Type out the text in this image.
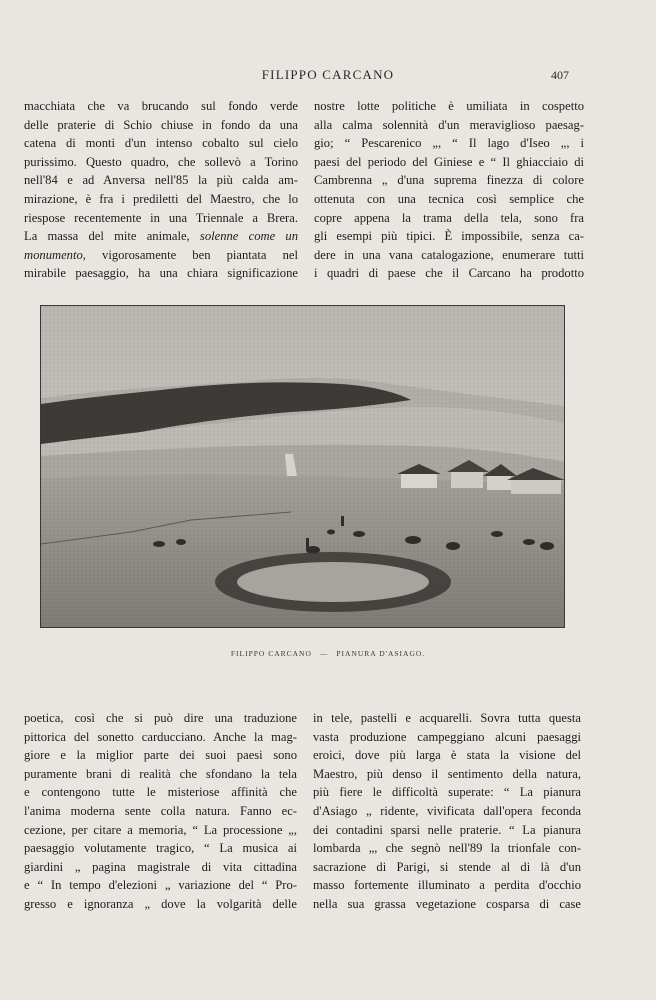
FILIPPO CARCANO	407
macchiata che va brucando sul fondo verde
delle praterie di Schio chiuse in fondo da una
catena di monti d'un intenso cobalto sul cielo
purissimo. Questo quadro, che sollevò a Torino
nell'84 e ad Anversa nell'85 la più calda am-
mirazione, è fra i prediletti del Maestro, che lo
riespose recentemente in una Triennale a Brera.
La massa del mite animale, solenne come un
monumento, vigorosamente ben piantata nel
mirabile paesaggio, ha una chiara significazione
nostre lotte politiche è umiliata in cospetto
alla calma solennità d'un meraviglioso paesag-
gio; “ Pescarenico „, “ Il lago d'Iseo „, i
paesi del periodo del Giniese e “ Il ghiacciaio di
Cambrenna „ d'una suprema finezza di colore
ottenuta con una tecnica così semplice che
copre appena la trama della tela, sono fra
gli esempi più tipici. È impossibile, senza ca-
dere in una vana catalogazione, enumerare tutti
i quadri di paese che il Carcano ha prodotto
FILIPPO CARCANO — PIANURA D'ASIAGO.
poetica, così che si può dire una traduzione
pittorica del sonetto carducciano. Anche la mag-
giore e la miglior parte dei suoi paesi sono
puramente brani di realità che sfondano la tela
e contengono tutte le misteriose affinità che
l'anima moderna sente colla natura. Fanno ec-
cezione, per citare a memoria, “ La processione „,
paesaggio volutamente tragico, “ La musica ai
giardini „ pagina magistrale di vita cittadina
e “ In tempo d'elezioni „ variazione del “ Pro-
gresso e ignoranza „ dove la volgarità delle
in tele, pastelli e acquarelli. Sovra tutta questa
vasta produzione campeggiano alcuni paesaggi
eroici, dove più larga è stata la visione del
Maestro, più denso il sentimento della natura,
più fiere le difficoltà superate: “ La pianura
d'Asiago „ ridente, vivificata dall'opera feconda
dei contadini sparsi nelle praterie. “ La pianura
lombarda „, che segnò nell'89 la trionfale con-
sacrazione di Parigi, si stende al di là d'un
masso fortemente illuminato a perdita d'occhio
nella sua grassa vegetazione cosparsa di case
